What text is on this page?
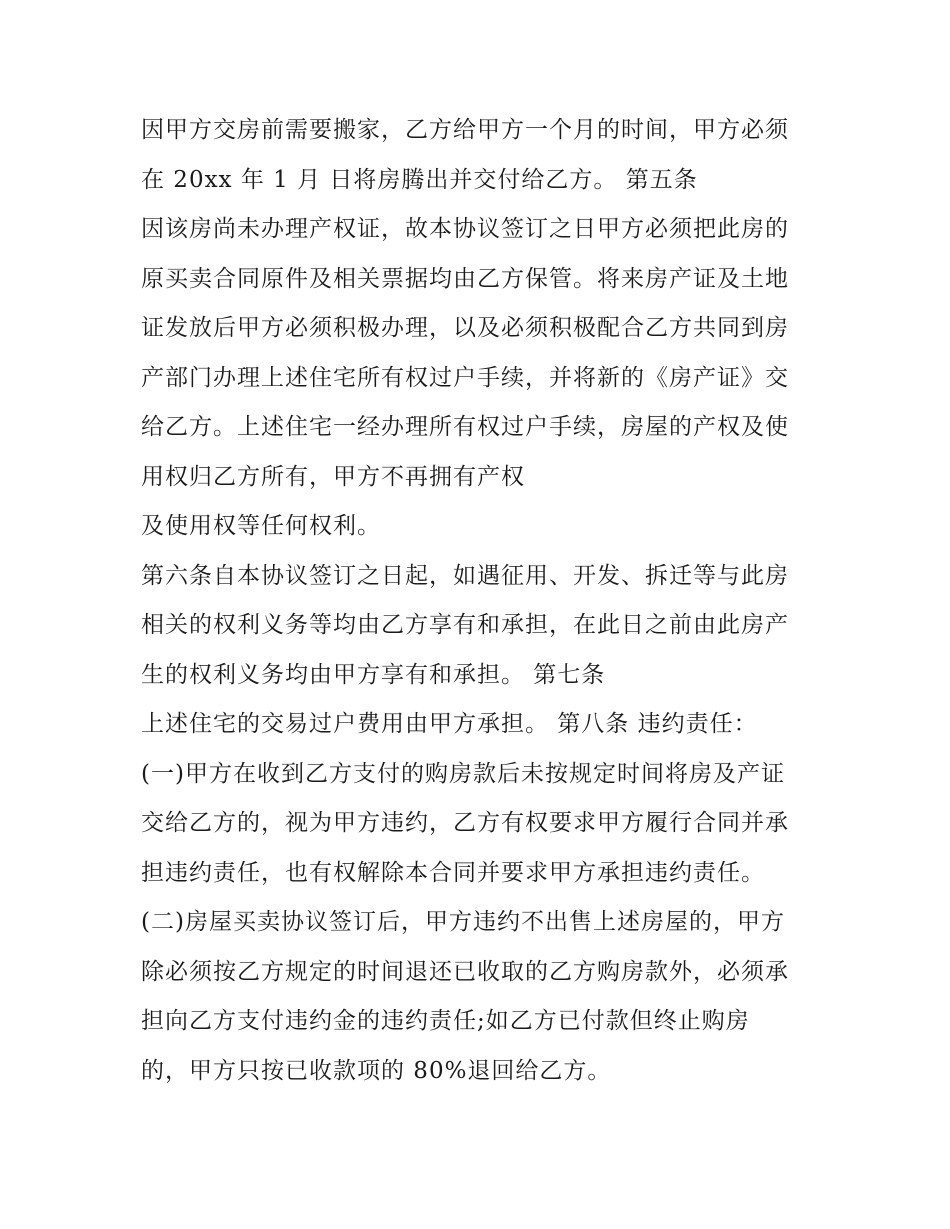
因甲方交房前需要搬家，乙方给甲方一个月的时间，甲方必须

在 20xx 年 1 月 日将房腾出并交付给乙方。 第五条

因该房尚未办理产权证，故本协议签订之日甲方必须把此房的

原买卖合同原件及相关票据均由乙方保管。将来房产证及土地

证发放后甲方必须积极办理，以及必须积极配合乙方共同到房

产部门办理上述住宅所有权过户手续，并将新的《房产证》交

给乙方。上述住宅一经办理所有权过户手续，房屋的产权及使

用权归乙方所有，甲方不再拥有产权

及使用权等任何权利。

第六条自本协议签订之日起，如遇征用、开发、拆迁等与此房

相关的权利义务等均由乙方享有和承担，在此日之前由此房产

生的权利义务均由甲方享有和承担。 第七条

上述住宅的交易过户费用由甲方承担。 第八条 违约责任：

(一)甲方在收到乙方支付的购房款后未按规定时间将房及产证

交给乙方的，视为甲方违约，乙方有权要求甲方履行合同并承

担违约责任，也有权解除本合同并要求甲方承担违约责任。

(二)房屋买卖协议签订后，甲方违约不出售上述房屋的，甲方

除必须按乙方规定的时间退还已收取的乙方购房款外，必须承

担向乙方支付违约金的违约责任;如乙方已付款但终止购房

的，甲方只按已收款项的 80%退回给乙方。
